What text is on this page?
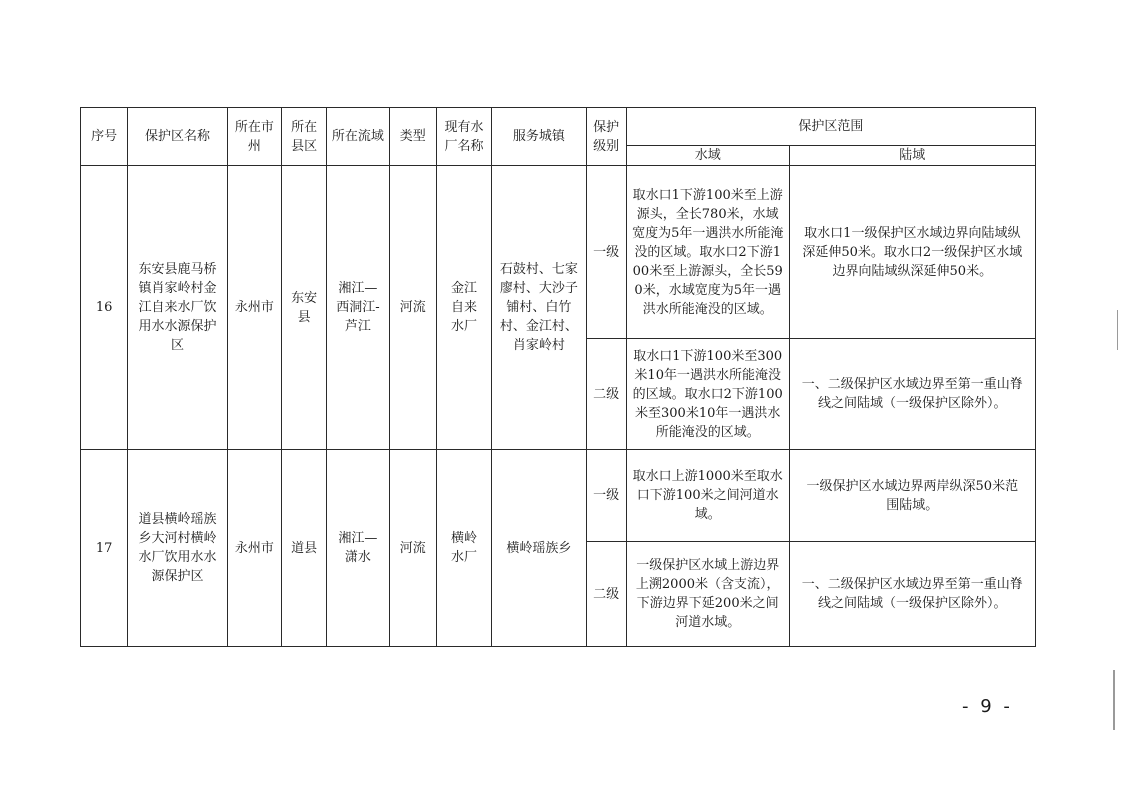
序号	保护区名称	所在市州	所在县区	所在流域	类型	现有水厂名称	服务城镇	保护级别	保护区范围	
									水域	陆域
16	东安县鹿马桥镇肖家岭村金江自来水厂饮用水水源保护区	永州市	东安县	湘江—西洞江-芦江	河流	金江自来水厂	石鼓村、七家廖村、大沙子铺村、白竹村、金江村、肖家岭村	一级	取水口1下游100米至上游源头，全长780米，水域宽度为5年一遇洪水所能淹没的区域。取水口2下游100米至上游源头，全长590米，水域宽度为5年一遇洪水所能淹没的区域。	取水口1一级保护区水域边界向陆域纵深延伸50米。取水口2一级保护区水域边界向陆域纵深延伸50米。
								二级	取水口1下游100米至300米10年一遇洪水所能淹没的区域。取水口2下游100米至300米10年一遇洪水所能淹没的区域。	一、二级保护区水域边界至第一重山脊线之间陆域（一级保护区除外）。
17	道县横岭瑶族乡大河村横岭水厂饮用水水源保护区	永州市	道县	湘江—潇水	河流	横岭水厂	横岭瑶族乡	一级	取水口上游1000米至取水口下游100米之间河道水域。	一级保护区水域边界两岸纵深50米范围陆域。
								二级	一级保护区水域上游边界上溯2000米（含支流），下游边界下延200米之间河道水域。	一、二级保护区水域边界至第一重山脊线之间陆域（一级保护区除外）。
- 9 -
